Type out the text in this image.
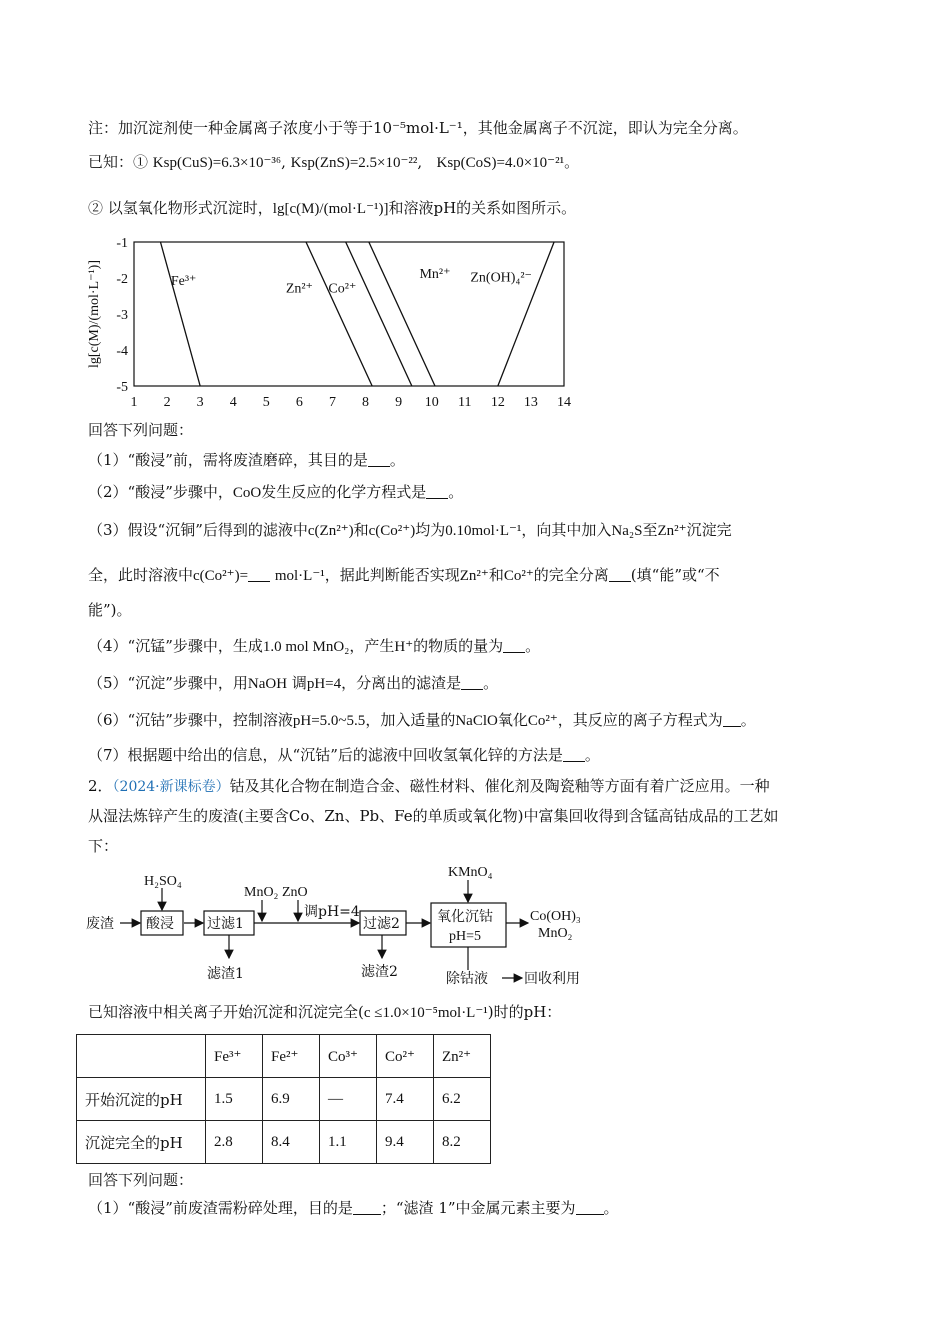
注：加沉淀剂使一种金属离子浓度小于等于10⁻⁵mol·L⁻¹，其他金属离子不沉淀，即认为完全分离。
已知：① Ksp(CuS)=6.3×10⁻³⁶, Ksp(ZnS)=2.5×10⁻²²,   Ksp(CoS)=4.0×10⁻²¹。
② 以氢氧化物形式沉淀时，lg[c(M)/(mol·L⁻¹)]和溶液pH的关系如图所示。
1 2 3 4 5 6 7 8 9 10 11 12 13 14
-1
-2
-3
-4
-5
lg[c(M)/(mol·L⁻¹)]	Fe³⁺	Zn²⁺ Co²⁺
Mn²⁺ Zn(OH)₄²⁻
回答下列问题：
（1）“酸浸”前，需将废渣磨碎，其目的是 。
（2）“酸浸”步骤中，CoO发生反应的化学方程式是 。
（3）假设“沉铜”后得到的滤液中c(Zn²⁺)和c(Co²⁺)均为0.10mol·L⁻¹，向其中加入Na₂S至Zn²⁺沉淀完
全，此时溶液中c(Co²⁺)= mol·L⁻¹，据此判断能否实现Zn²⁺和Co²⁺的完全分离 (填“能”或“不
能”)。
（4）“沉锰”步骤中，生成1.0 mol MnO₂，产生H⁺的物质的量为 。
（5）“沉淀”步骤中，用NaOH 调pH=4，分离出的滤渣是 。
（6）“沉钴”步骤中，控制溶液pH=5.0~5.5，加入适量的NaClO氧化Co²⁺，其反应的离子方程式为 。
（7）根据题中给出的信息，从“沉钴”后的滤液中回收氢氧化锌的方法是 。
2．（2024·新课标卷）钴及其化合物在制造合金、磁性材料、催化剂及陶瓷釉等方面有着广泛应用。一种
从湿法炼锌产生的废渣(主要含Co、Zn、Pb、Fe的单质或氧化物)中富集回收得到含锰高钴成品的工艺如
下：
H₂SO₄
废渣 酸浸 过滤1
滤渣1
MnO₂ ZnO
调pH=4
过滤2
滤渣2
KMnO₄
氧化沉钴
pH=5
Co(OH)₃
MnO₂
除钴液	回收利用
已知溶液中相关离子开始沉淀和沉淀完全(c ≤1.0×10⁻⁵mol·L⁻¹)时的pH：
	Fe³⁺	Fe²⁺	Co³⁺	Co²⁺	Zn²⁺
开始沉淀的pH	1.5	6.9	—	7.4	6.2
沉淀完全的pH	2.8	8.4	1.1	9.4	8.2
回答下列问题：
（1）“酸浸”前废渣需粉碎处理，目的是 ；“滤渣 1”中金属元素主要为 。
